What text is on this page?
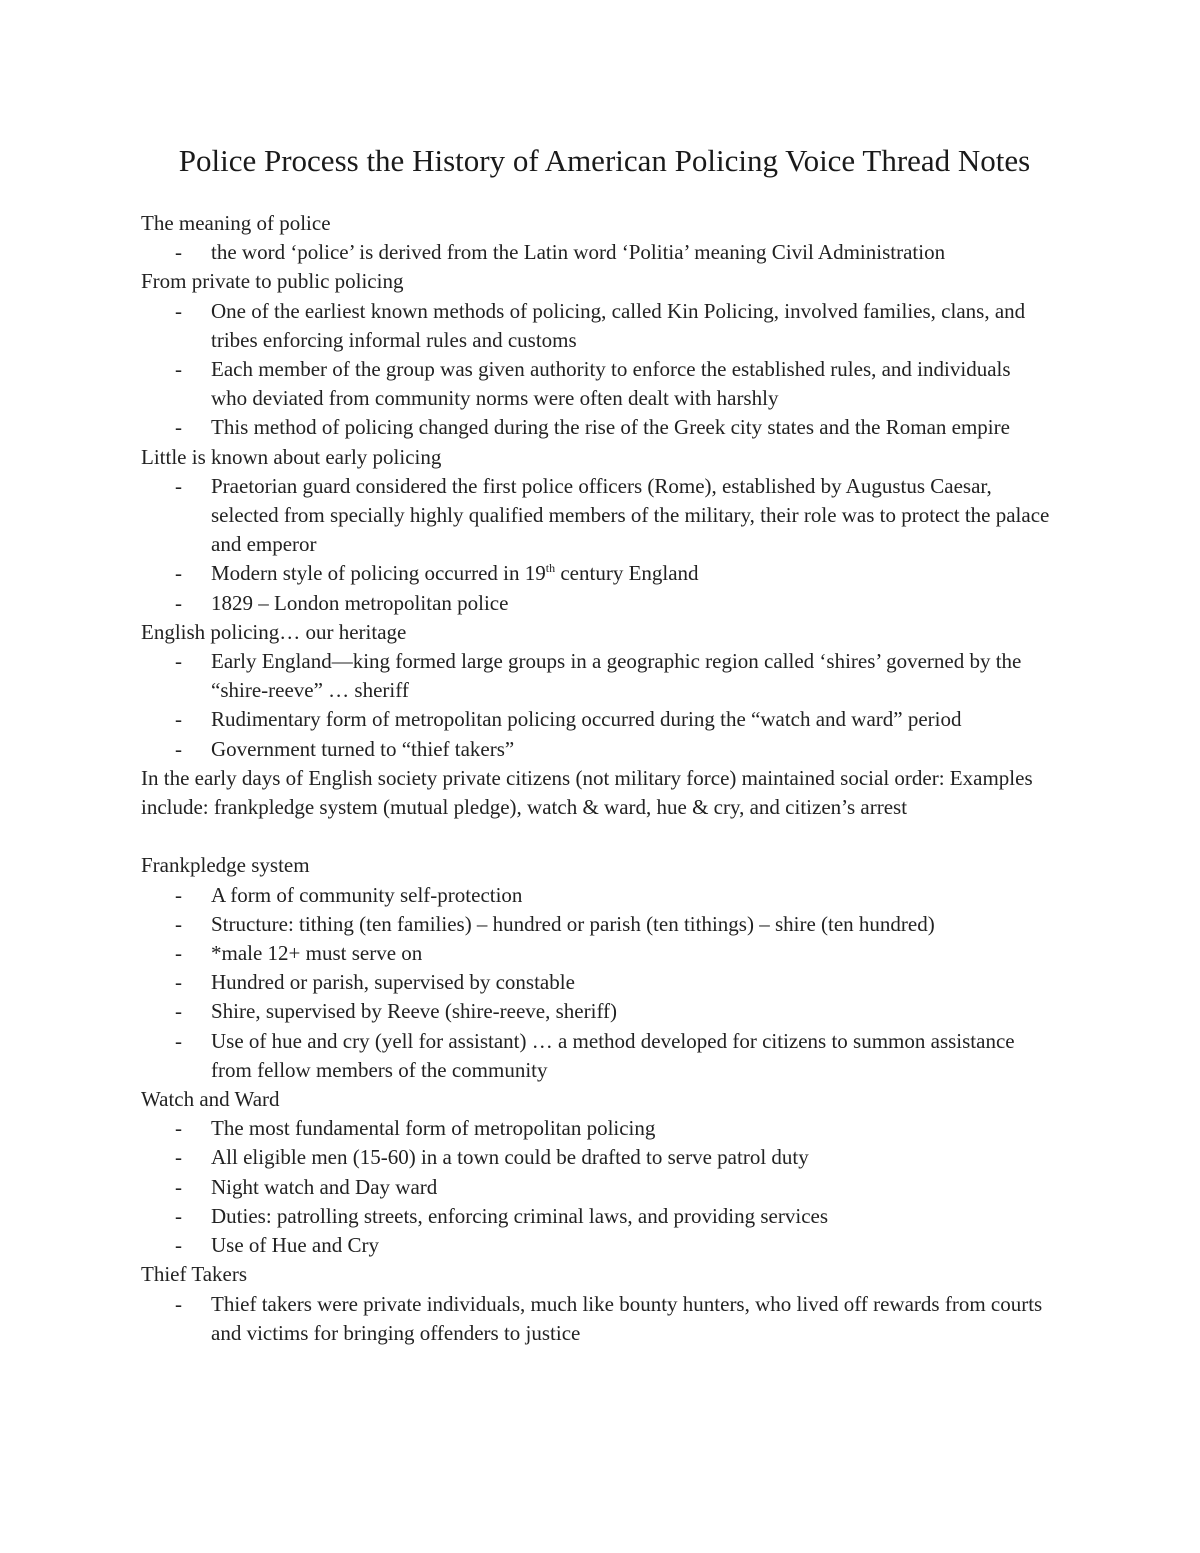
Police Process the History of American Policing Voice Thread Notes

The meaning of police

- the word ‘police’ is derived from the Latin word ‘Politia’ meaning Civil Administration

From private to public policing

- One of the earliest known methods of policing, called Kin Policing, involved families, clans, and tribes enforcing informal rules and customs
- Each member of the group was given authority to enforce the established rules, and individuals who deviated from community norms were often dealt with harshly
- This method of policing changed during the rise of the Greek city states and the Roman empire

Little is known about early policing

- Praetorian guard considered the first police officers (Rome), established by Augustus Caesar, selected from specially highly qualified members of the military, their role was to protect the palace and emperor
- Modern style of policing occurred in 19th century England
- 1829 – London metropolitan police

English policing… our heritage

- Early England—king formed large groups in a geographic region called ‘shires’ governed by the “shire-reeve” … sheriff
- Rudimentary form of metropolitan policing occurred during the “watch and ward” period
- Government turned to “thief takers”

In the early days of English society private citizens (not military force) maintained social order: Examples include: frankpledge system (mutual pledge), watch & ward, hue & cry, and citizen’s arrest

Frankpledge system

- A form of community self-protection
- Structure: tithing (ten families) – hundred or parish (ten tithings) – shire (ten hundred)
- *male 12+ must serve on
- Hundred or parish, supervised by constable
- Shire, supervised by Reeve (shire-reeve, sheriff)
- Use of hue and cry (yell for assistant) … a method developed for citizens to summon assistance from fellow members of the community

Watch and Ward

- The most fundamental form of metropolitan policing
- All eligible men (15-60) in a town could be drafted to serve patrol duty
- Night watch and Day ward
- Duties: patrolling streets, enforcing criminal laws, and providing services
- Use of Hue and Cry

Thief Takers

- Thief takers were private individuals, much like bounty hunters, who lived off rewards from courts and victims for bringing offenders to justice
